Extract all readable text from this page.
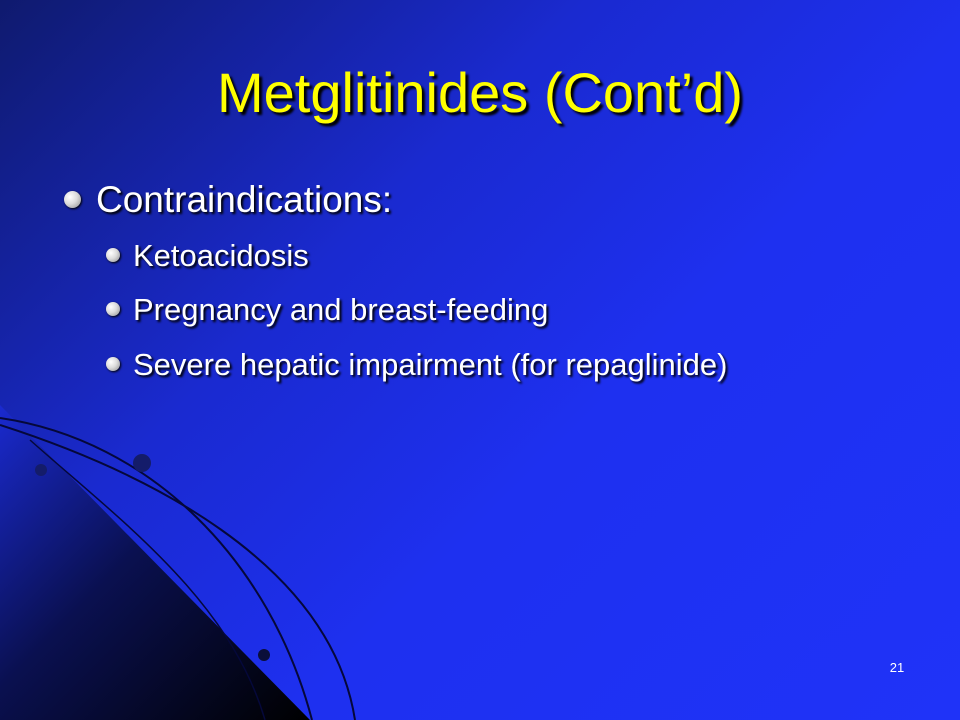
Metglitinides (Cont’d)
Contraindications:
Ketoacidosis
Pregnancy and breast-feeding
Severe hepatic impairment (for repaglinide)
21
